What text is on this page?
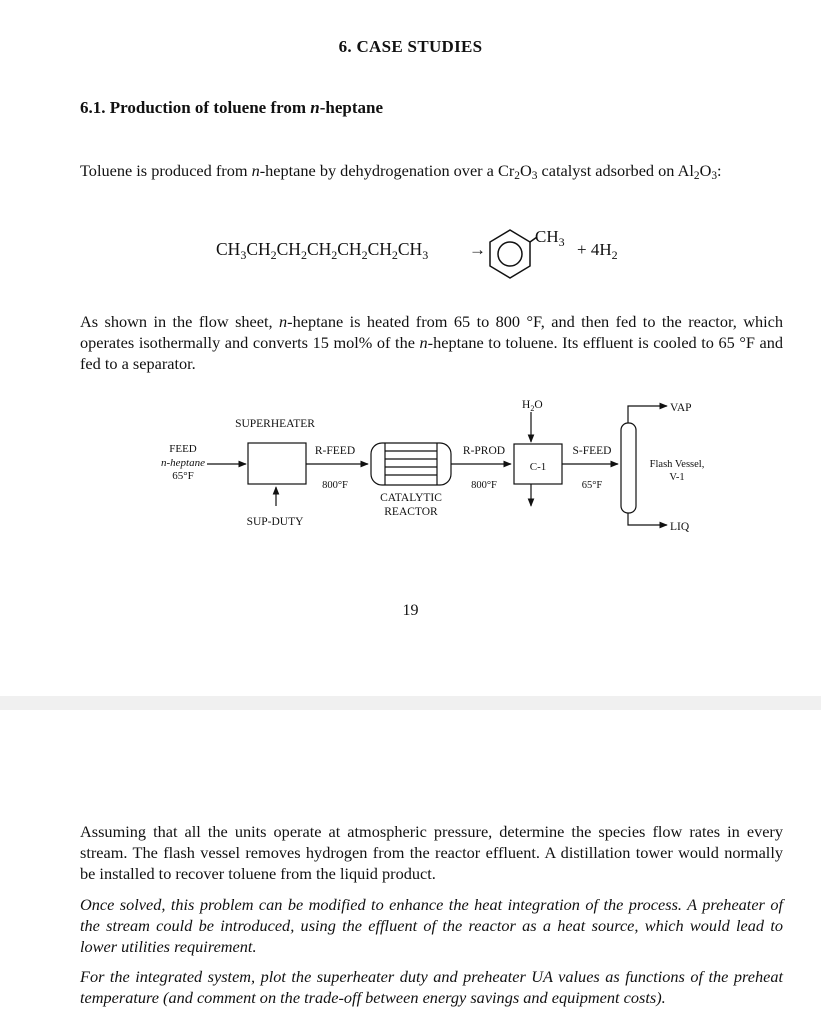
6. CASE STUDIES
6.1. Production of toluene from n-heptane

Toluene is produced from n-heptane by dehydrogenation over a $Cr_2O_3$ catalyst adsorbed on $Al_2O_3$:

$CH_3CH_2CH_2CH_2CH_2CH_2CH_3$ →
$CH_3 + 4H_2$

As shown in the flow sheet, n-heptane is heated from 65 to 800 °F, and then fed to the reactor, which operates isothermally and converts 15 mol% of the n-heptane to toluene. Its effluent is cooled to 65 °F and fed to a separator.

FEED
n-heptane
65°F
SUPERHEATER
SUP-DUTY
R-FEED
800°F
CATALYTIC
REACTOR
R-PROD
800°F
$H_2O$
C-1
S-FEED
65°F
VAP
LIQ
Flash Vessel,
V-1
19

Assuming that all the units operate at atmospheric pressure, determine the species flow rates in every stream. The flash vessel removes hydrogen from the reactor effluent. A distillation tower would normally be installed to recover toluene from the liquid product.

Once solved, this problem can be modified to enhance the heat integration of the process. A preheater of the stream could be introduced, using the effluent of the reactor as a heat source, which would lead to lower utilities requirement.

For the integrated system, plot the superheater duty and preheater UA values as functions of the preheat temperature (and comment on the trade-off between energy savings and equipment costs).
